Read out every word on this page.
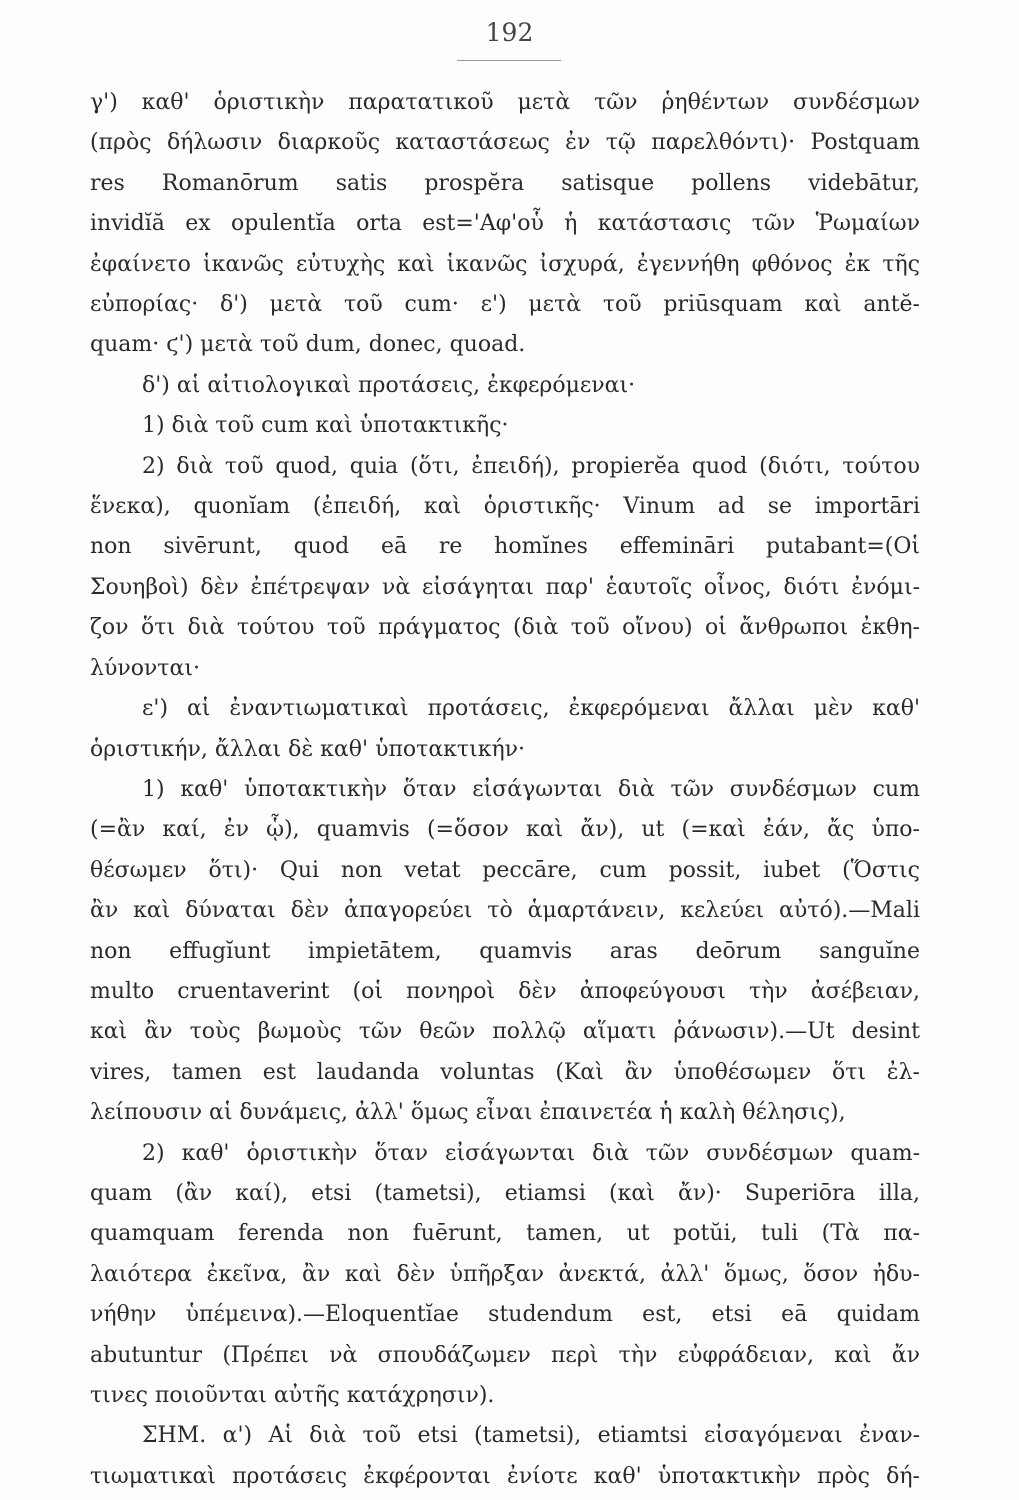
192
γ') καθ' ὁριστικὴν παρατατικοῦ μετὰ τῶν ῥηθέντων συνδέσμων
(πρὸς δήλωσιν διαρκοῦς καταστάσεως ἐν τῷ παρελθόντι)· Postquam
res Romanōrum satis prospĕra satisque pollens videbātur,
invidĭă ex opulentĭa orta est='Αφ'οὗ ἡ κατάστασις τῶν Ῥωμαίων
ἐφαίνετο ἱκανῶς εὐτυχὴς καὶ ἱκανῶς ἰσχυρά, ἐγεννήθη φθόνος ἐκ τῆς
εὐπορίας· δ') μετὰ τοῦ cum· ε') μετὰ τοῦ priūsquam καὶ antĕ-
quam· ϛ') μετὰ τοῦ dum, donec, quoad.
δ') αἱ αἰτιολογικαὶ προτάσεις, ἐκφερόμεναι·
1) διὰ τοῦ cum καὶ ὑποτακτικῆς·
2) διὰ τοῦ quod, quia (ὅτι, ἐπειδή), propierĕa quod (διότι, τούτου
ἕνεκα), quonĭam (ἐπειδή, καὶ ὁριστικῆς· Vinum ad se importāri
non sivērunt, quod eā re homĭnes effemināri putabant=(Οἱ
Σουηβοὶ) δὲν ἐπέτρεψαν νὰ εἰσάγηται παρ' ἑαυτοῖς οἶνος, διότι ἐνόμι-
ζον ὅτι διὰ τούτου τοῦ πράγματος (διὰ τοῦ οἴνου) οἱ ἄνθρωποι ἐκθη-
λύνονται·
ε') αἱ ἐναντιωματικαὶ προτάσεις, ἐκφερόμεναι ἄλλαι μὲν καθ'
ὁριστικήν, ἄλλαι δὲ καθ' ὑποτακτικήν·
1) καθ' ὑποτακτικὴν ὅταν εἰσάγωνται διὰ τῶν συνδέσμων cum
(=ἂν καί, ἐν ᾧ), quamvis (=ὅσον καὶ ἄν), ut (=καὶ ἐάν, ἄς ὑπο-
θέσωμεν ὅτι)· Qui non vetat peccāre, cum possit, iubet (Ὅστις
ἂν καὶ δύναται δὲν ἀπαγορεύει τὸ ἁμαρτάνειν, κελεύει αὐτό).—Mali
non effugĭunt impietātem, quamvis aras deōrum sanguĭne
multo cruentaverint (οἱ πονηροὶ δὲν ἀποφεύγουσι τὴν ἀσέβειαν,
καὶ ἂν τοὺς βωμοὺς τῶν θεῶν πολλῷ αἵματι ῥάνωσιν).—Ut desint
vires, tamen est laudanda voluntas (Καὶ ἂν ὑποθέσωμεν ὅτι ἐλ-
λείπουσιν αἱ δυνάμεις, ἀλλ' ὅμως εἶναι ἐπαινετέα ἡ καλὴ θέλησις),
2) καθ' ὁριστικὴν ὅταν εἰσάγωνται διὰ τῶν συνδέσμων quam-
quam (ἂν καί), etsi (tametsi), etiamsi (καὶ ἄν)· Superiōra illa,
quamquam ferenda non fuērunt, tamen, ut potŭi, tuli (Τὰ πα-
λαιότερα ἐκεῖνα, ἂν καὶ δὲν ὑπῆρξαν ἀνεκτά, ἀλλ' ὅμως, ὅσον ἠδυ-
νήθην ὑπέμεινα).—Eloquentĭae studendum est, etsi eā quidam
abutuntur (Πρέπει νὰ σπουδάζωμεν περὶ τὴν εὐφράδειαν, καὶ ἄν
τινες ποιοῦνται αὐτῆς κατάχρησιν).
ΣΗΜ. α') Αἱ διὰ τοῦ etsi (tametsi), etiamtsi εἰσαγόμεναι ἐναν-
τιωματικαὶ προτάσεις ἐκφέρονται ἐνίοτε καθ' ὑποτακτικὴν πρὸς δή-
